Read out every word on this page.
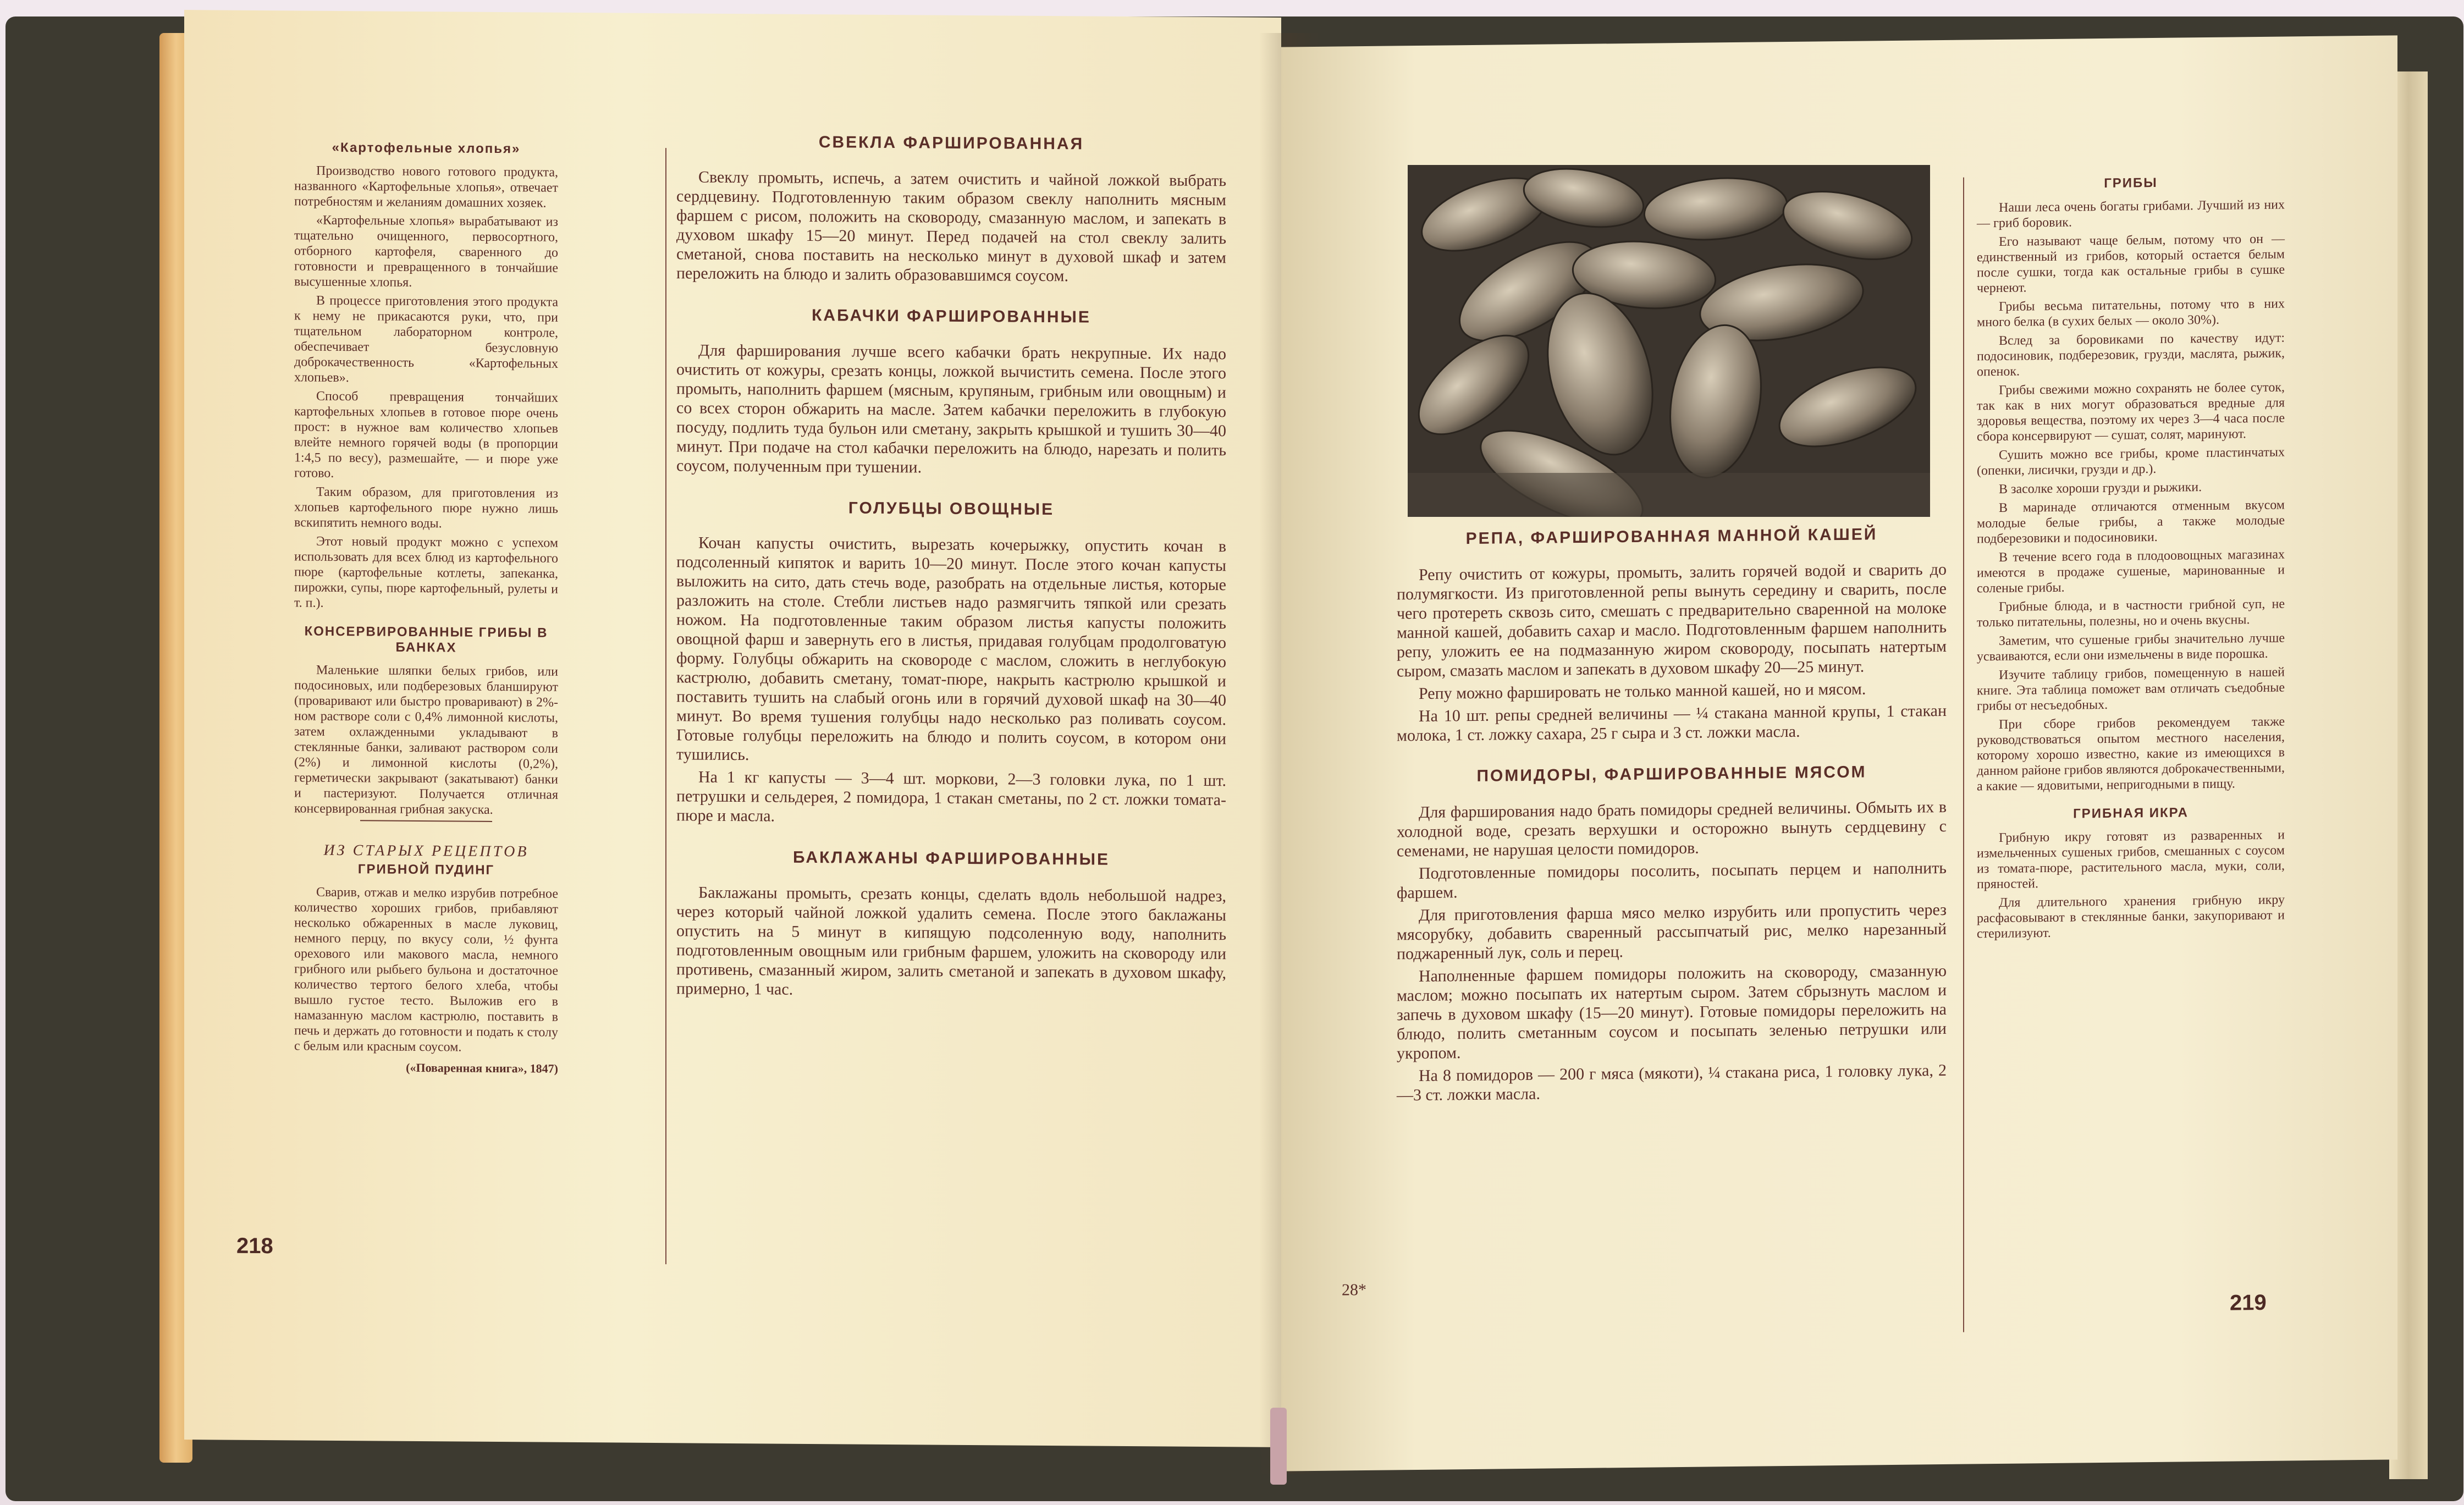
«Картофельные хлопья»

Производство нового готового продукта, названного «Картофельные хлопья», отвечает потребностям и желаниям домашних хозяек.

«Картофельные хлопья» вырабатывают из тщательно очищенного, первосортного, отборного картофеля, сваренного до готовности и превращенного в тончайшие высушенные хлопья.

В процессе приготовления этого продукта к нему не прикасаются руки, что, при тщательном лабораторном контроле, обеспечивает безусловную доброкачественность «Картофельных хлопьев».

Способ превращения тончайших картофельных хлопьев в готовое пюре очень прост: в нужное вам количество хлопьев влейте немного горячей воды (в пропорции 1:4,5 по весу), размешайте, — и пюре уже готово.

Таким образом, для приготовления из хлопьев картофельного пюре нужно лишь вскипятить немного воды.

Этот новый продукт можно с успехом использовать для всех блюд из картофельного пюре (картофельные котлеты, запеканка, пирожки, супы, пюре картофельный, рулеты и т. п.).

КОНСЕРВИРОВАННЫЕ ГРИБЫ В БАНКАХ

Маленькие шляпки белых грибов, или подосиновых, или подберезовых бланшируют (проваривают или быстро проваривают) в 2%-ном растворе соли с 0,4% лимонной кислоты, затем охлажденными укладывают в стеклянные банки, заливают раствором соли (2%) и лимонной кислоты (0,2%), герметически закрывают (закатывают) банки и пастеризуют. Получается отличная консервированная грибная закуска.

ИЗ СТАРЫХ РЕЦЕПТОВ
ГРИБНОЙ ПУДИНГ

Сварив, отжав и мелко изрубив потребное количество хороших грибов, прибавляют несколько обжаренных в масле луковиц, немного перцу, по вкусу соли, ½ фунта орехового или макового масла, немного грибного или рыбьего бульона и достаточное количество тертого белого хлеба, чтобы вышло густое тесто. Выложив его в намазанную маслом кастрюлю, поставить в печь и держать до готовности и подать к столу с белым или красным соусом.

(«Поваренная книга», 1847)
СВЕКЛА ФАРШИРОВАННАЯ

Свеклу промыть, испечь, а затем очистить и чайной ложкой выбрать сердцевину. Подготовленную таким образом свеклу наполнить мясным фаршем с рисом, положить на сковороду, смазанную маслом, и запекать в духовом шкафу 15—20 минут. Перед подачей на стол свеклу залить сметаной, снова поставить на несколько минут в духовой шкаф и затем переложить на блюдо и залить образовавшимся соусом.

КАБАЧКИ ФАРШИРОВАННЫЕ

Для фарширования лучше всего кабачки брать некрупные. Их надо очистить от кожуры, срезать концы, ложкой вычистить семена. После этого промыть, наполнить фаршем (мясным, крупяным, грибным или овощным) и со всех сторон обжарить на масле. Затем кабачки переложить в глубокую посуду, подлить туда бульон или сметану, закрыть крышкой и тушить 30—40 минут. При подаче на стол кабачки переложить на блюдо, нарезать и полить соусом, полученным при тушении.

ГОЛУБЦЫ ОВОЩНЫЕ

Кочан капусты очистить, вырезать кочерыжку, опустить кочан в подсоленный кипяток и варить 10—20 минут. После этого кочан капусты выложить на сито, дать стечь воде, разобрать на отдельные листья, которые разложить на столе. Стебли листьев надо размягчить тяпкой или срезать ножом. На подготовленные таким образом листья капусты положить овощной фарш и завернуть его в листья, придавая голубцам продолговатую форму. Голубцы обжарить на сковороде с маслом, сложить в неглубокую кастрюлю, добавить сметану, томат-пюре, накрыть кастрюлю крышкой и поставить тушить на слабый огонь или в горячий духовой шкаф на 30—40 минут. Во время тушения голубцы надо несколько раз поливать соусом. Готовые голубцы переложить на блюдо и полить соусом, в котором они тушились.

На 1 кг капусты — 3—4 шт. моркови, 2—3 головки лука, по 1 шт. петрушки и сельдерея, 2 помидора, 1 стакан сметаны, по 2 ст. ложки томата-пюре и масла.

БАКЛАЖАНЫ ФАРШИРОВАННЫЕ

Баклажаны промыть, срезать концы, сделать вдоль небольшой надрез, через который чайной ложкой удалить семена. После этого баклажаны опустить на 5 минут в кипящую подсоленную воду, наполнить подготовленным овощным или грибным фаршем, уложить на сковороду или противень, смазанный жиром, залить сметаной и запекать в духовом шкафу, примерно, 1 час.

218
РЕПА, ФАРШИРОВАННАЯ МАННОЙ КАШЕЙ

Репу очистить от кожуры, промыть, залить горячей водой и сварить до полумягкости. Из приготовленной репы вынуть середину и сварить, после чего протереть сквозь сито, смешать с предварительно сваренной на молоке манной кашей, добавить сахар и масло. Подготовленным фаршем наполнить репу, уложить ее на подмазанную жиром сковороду, посыпать натертым сыром, смазать маслом и запекать в духовом шкафу 20—25 минут.

Репу можно фаршировать не только манной кашей, но и мясом.

На 10 шт. репы средней величины — ¼ стакана манной крупы, 1 стакан молока, 1 ст. ложку сахара, 25 г сыра и 3 ст. ложки масла.

ПОМИДОРЫ, ФАРШИРОВАННЫЕ МЯСОМ

Для фарширования надо брать помидоры средней величины. Обмыть их в холодной воде, срезать верхушки и осторожно вынуть сердцевину с семенами, не нарушая целости помидоров.

Подготовленные помидоры посолить, посыпать перцем и наполнить фаршем.

Для приготовления фарша мясо мелко изрубить или пропустить через мясорубку, добавить сваренный рассыпчатый рис, мелко нарезанный поджаренный лук, соль и перец.

Наполненные фаршем помидоры положить на сковороду, смазанную маслом; можно посыпать их натертым сыром. Затем сбрызнуть маслом и запечь в духовом шкафу (15—20 минут). Готовые помидоры переложить на блюдо, полить сметанным соусом и посыпать зеленью петрушки или укропом.

На 8 помидоров — 200 г мяса (мякоти), ¼ стакана риса, 1 головку лука, 2—3 ст. ложки масла.

ГРИБЫ

Наши леса очень богаты грибами. Лучший из них — гриб боровик.

Его называют чаще белым, потому что он — единственный из грибов, который остается белым после сушки, тогда как остальные грибы в сушке чернеют.

Грибы весьма питательны, потому что в них много белка (в сухих белых — около 30%).

Вслед за боровиками по качеству идут: подосиновик, подберезовик, грузди, маслята, рыжик, опенок.

Грибы свежими можно сохранять не более суток, так как в них могут образоваться вредные для здоровья вещества, поэтому их через 3—4 часа после сбора консервируют — сушат, солят, маринуют.

Сушить можно все грибы, кроме пластинчатых (опенки, лисички, грузди и др.).

В засолке хороши грузди и рыжики.

В маринаде отличаются отменным вкусом молодые белые грибы, а также молодые подберезовики и подосиновики.

В течение всего года в плодоовощных магазинах имеются в продаже сушеные, маринованные и соленые грибы.

Грибные блюда, и в частности грибной суп, не только питательны, полезны, но и очень вкусны.

Заметим, что сушеные грибы значительно лучше усваиваются, если они измельчены в виде порошка.

Изучите таблицу грибов, помещенную в нашей книге. Эта таблица поможет вам отличать съедобные грибы от несъедобных.

При сборе грибов рекомендуем также руководствоваться опытом местного населения, которому хорошо известно, какие из имеющихся в данном районе грибов являются доброкачественными, а какие — ядовитыми, непригодными в пищу.

ГРИБНАЯ ИКРА

Грибную икру готовят из разваренных и измельченных сушеных грибов, смешанных с соусом из томата-пюре, растительного масла, муки, соли, пряностей.

Для длительного хранения грибную икру расфасовывают в стеклянные банки, закупоривают и стерилизуют.

28*
219
